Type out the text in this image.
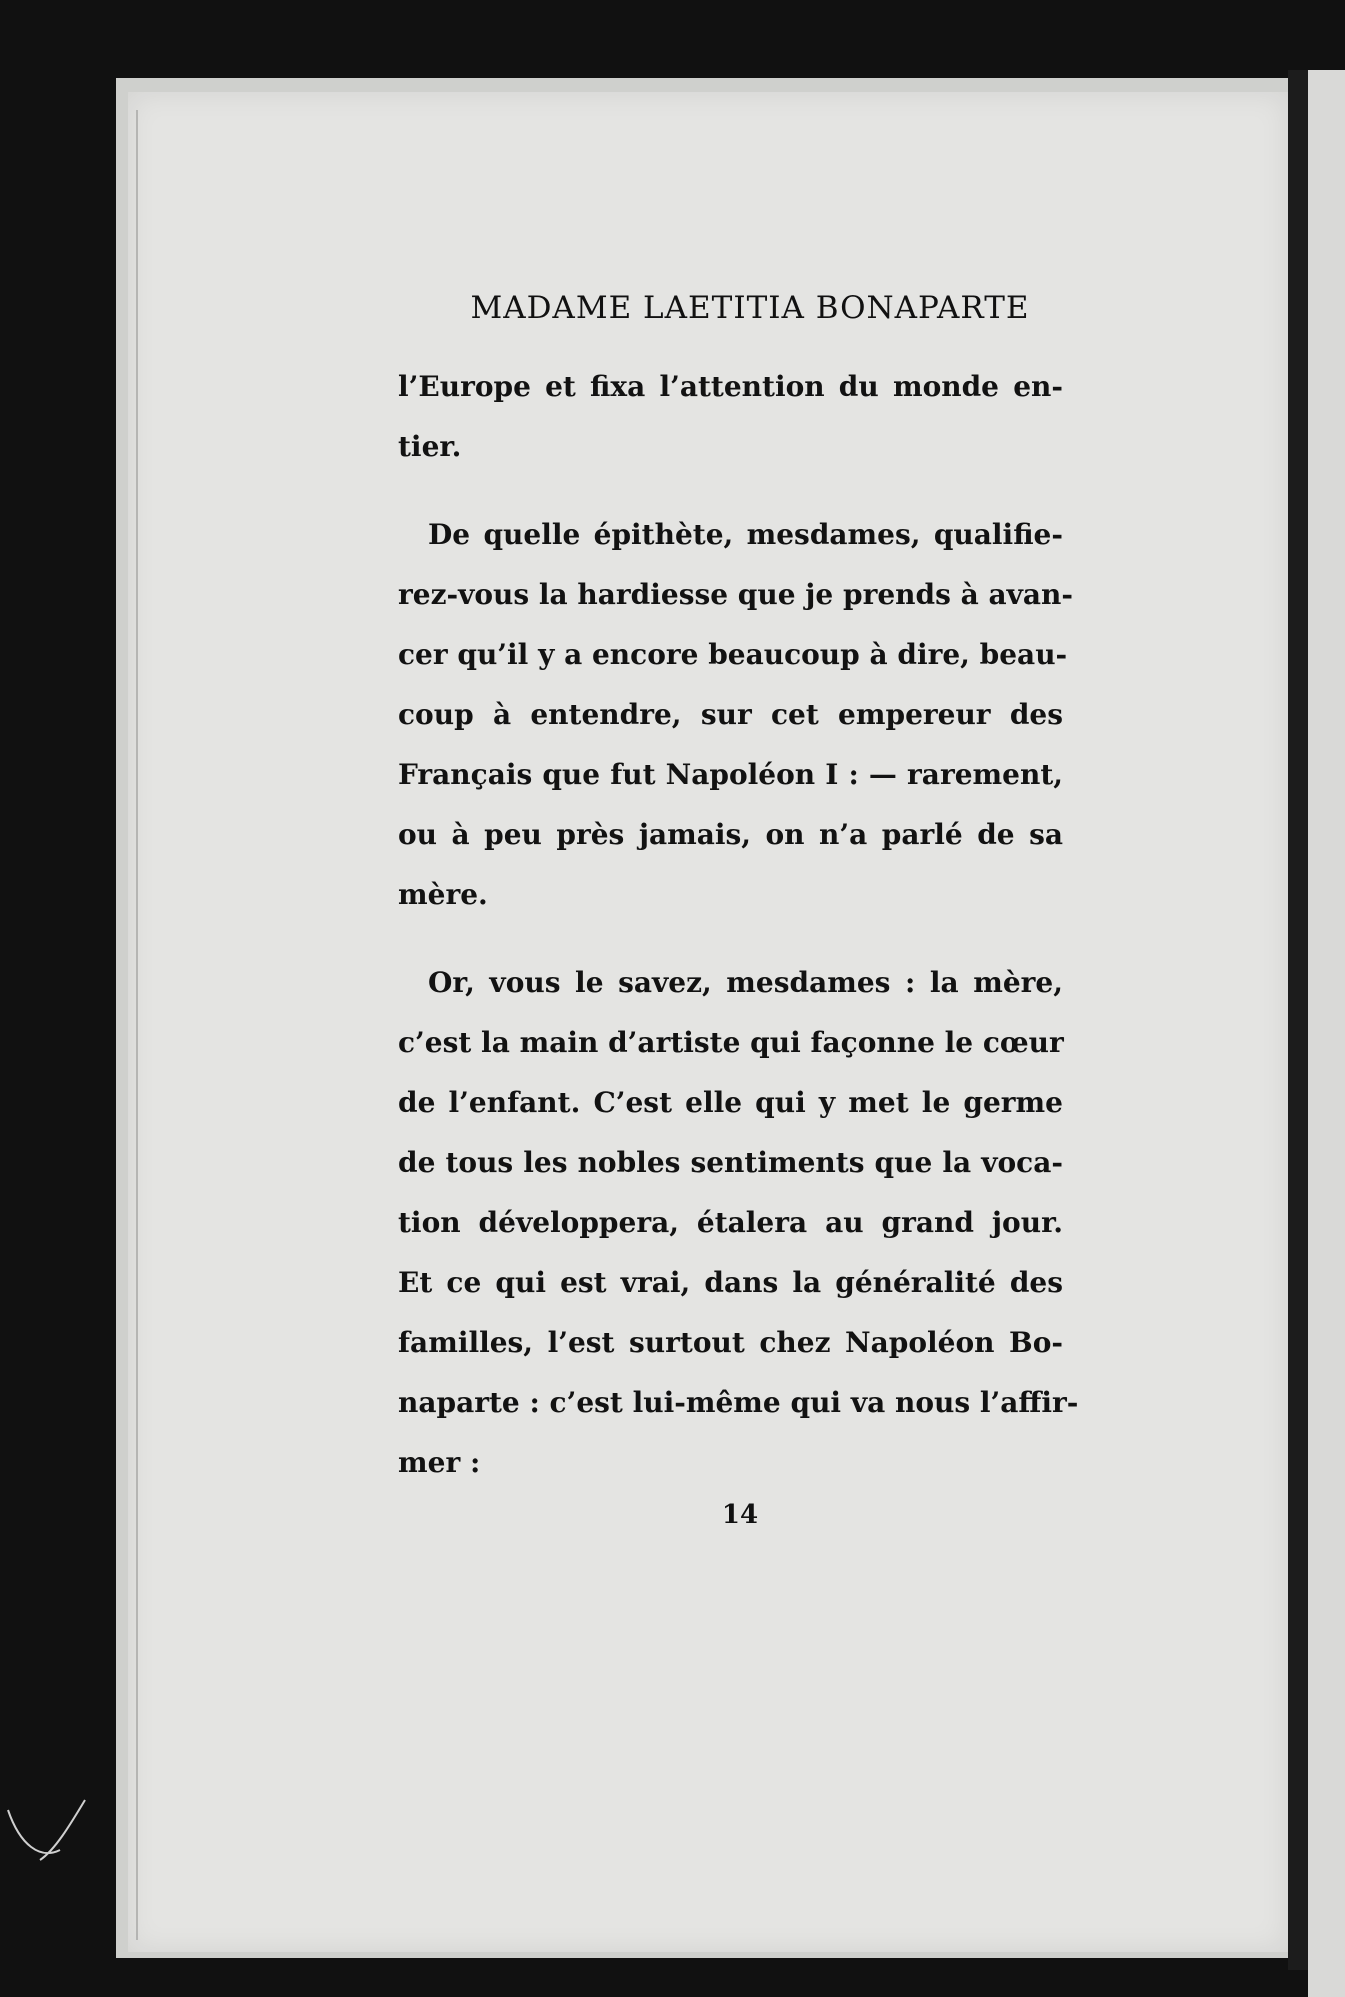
MADAME LAETITIA BONAPARTE
l’Europe et fixa l’attention du monde en-
tier.
De quelle épithète, mesdames, qualifie-
rez-vous la hardiesse que je prends à avan-
cer qu’il y a encore beaucoup à dire, beau-
coup à entendre, sur cet empereur des
Français que fut Napoléon I : — rarement,
ou à peu près jamais, on n’a parlé de sa
mère.
Or, vous le savez, mesdames : la mère,
c’est la main d’artiste qui façonne le cœur
de l’enfant. C’est elle qui y met le germe
de tous les nobles sentiments que la voca-
tion développera, étalera au grand jour.
Et ce qui est vrai, dans la généralité des
familles, l’est surtout chez Napoléon Bo-
naparte : c’est lui-même qui va nous l’affir-
mer :
14
